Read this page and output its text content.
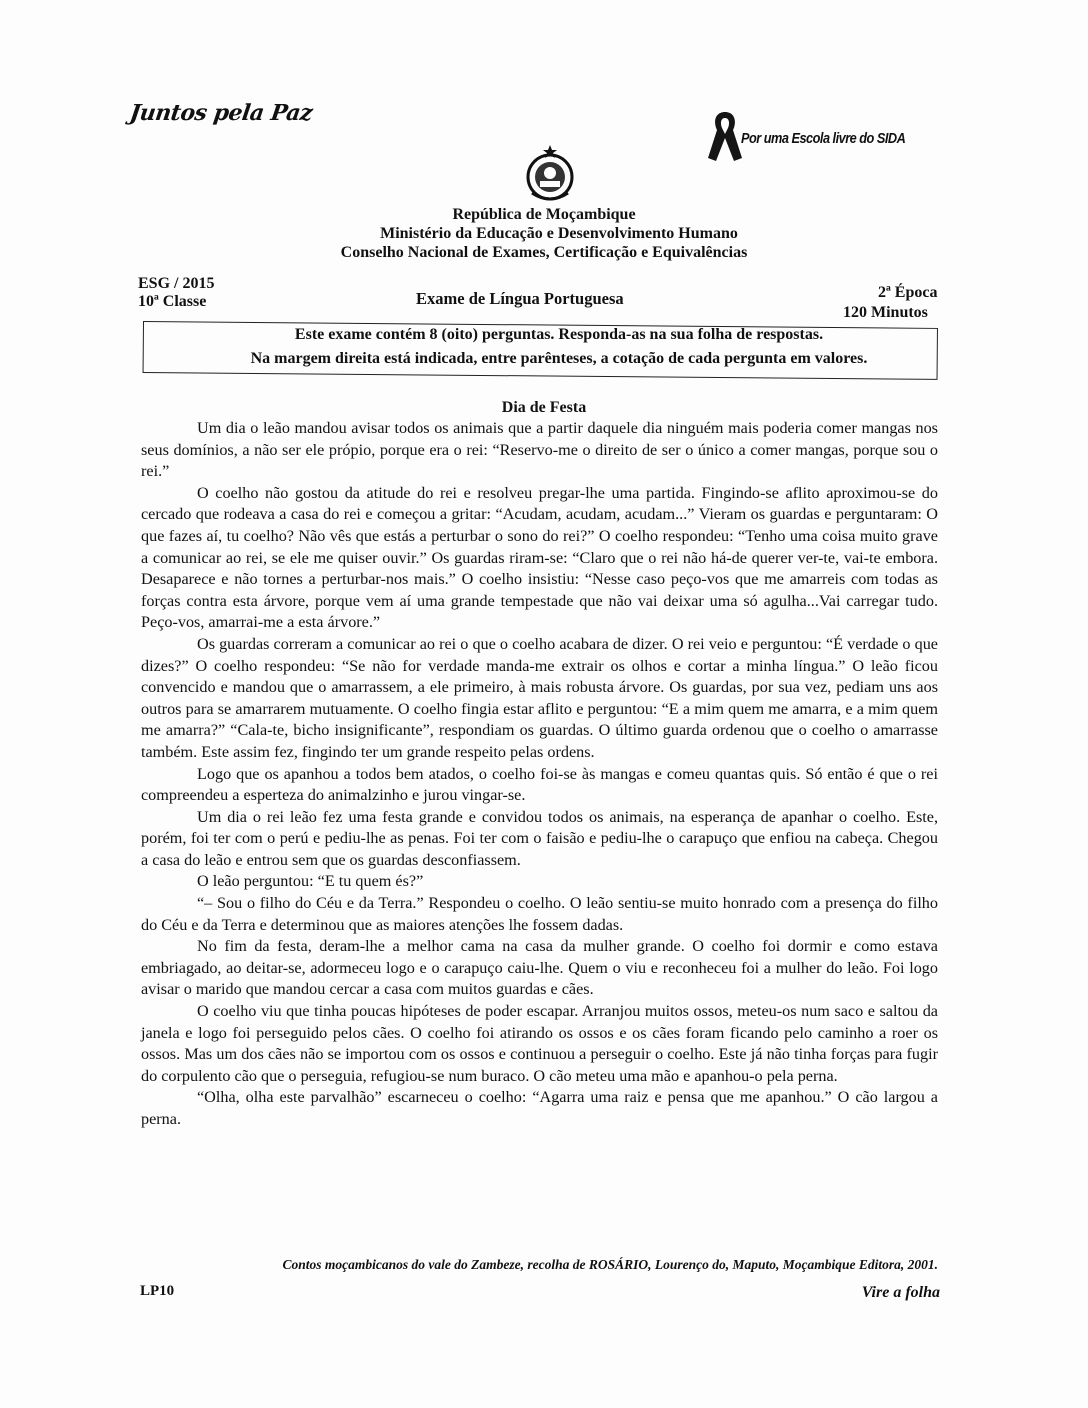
Juntos pela Paz
Por uma Escola livre do SIDA
República de Moçambique
Ministério da Educação e Desenvolvimento Humano
Conselho Nacional de Exames, Certificação e Equivalências
ESG / 2015
10ª Classe	Exame de Língua Portuguesa	2ª Época
120 Minutos
Este exame contém 8 (oito) perguntas. Responda-as na sua folha de respostas.
Na margem direita está indicada, entre parênteses, a cotação de cada pergunta em valores.
Dia de Festa

Um dia o leão mandou avisar todos os animais que a partir daquele dia ninguém mais poderia comer mangas nos seus domínios, a não ser ele própio, porque era o rei: “Reservo-me o direito de ser o único a comer mangas, porque sou o rei.”

O coelho não gostou da atitude do rei e resolveu pregar-lhe uma partida. Fingindo-se aflito aproximou-se do cercado que rodeava a casa do rei e começou a gritar: “Acudam, acudam, acudam...” Vieram os guardas e perguntaram: O que fazes aí, tu coelho? Não vês que estás a perturbar o sono do rei?” O coelho respondeu: “Tenho uma coisa muito grave a comunicar ao rei, se ele me quiser ouvir.” Os guardas riram-se: “Claro que o rei não há-de querer ver-te, vai-te embora. Desaparece e não tornes a perturbar-nos mais.” O coelho insistiu: “Nesse caso peço-vos que me amarreis com todas as forças contra esta árvore, porque vem aí uma grande tempestade que não vai deixar uma só agulha...Vai carregar tudo. Peço-vos, amarrai-me a esta árvore.”

Os guardas correram a comunicar ao rei o que o coelho acabara de dizer. O rei veio e perguntou: “É verdade o que dizes?” O coelho respondeu: “Se não for verdade manda-me extrair os olhos e cortar a minha língua.” O leão ficou convencido e mandou que o amarrassem, a ele primeiro, à mais robusta árvore. Os guardas, por sua vez, pediam uns aos outros para se amarrarem mutuamente. O coelho fingia estar aflito e perguntou: “E a mim quem me amarra, e a mim quem me amarra?” “Cala-te, bicho insignificante”, respondiam os guardas. O último guarda ordenou que o coelho o amarrasse também. Este assim fez, fingindo ter um grande respeito pelas ordens.

Logo que os apanhou a todos bem atados, o coelho foi-se às mangas e comeu quantas quis. Só então é que o rei compreendeu a esperteza do animalzinho e jurou vingar-se.

Um dia o rei leão fez uma festa grande e convidou todos os animais, na esperança de apanhar o coelho. Este, porém, foi ter com o perú e pediu-lhe as penas. Foi ter com o faisão e pediu-lhe o carapuço que enfiou na cabeça. Chegou a casa do leão e entrou sem que os guardas desconfiassem.

O leão perguntou: “E tu quem és?”

“– Sou o filho do Céu e da Terra.” Respondeu o coelho. O leão sentiu-se muito honrado com a presença do filho do Céu e da Terra e determinou que as maiores atenções lhe fossem dadas.

No fim da festa, deram-lhe a melhor cama na casa da mulher grande. O coelho foi dormir e como estava embriagado, ao deitar-se, adormeceu logo e o carapuço caiu-lhe. Quem o viu e reconheceu foi a mulher do leão. Foi logo avisar o marido que mandou cercar a casa com muitos guardas e cães.

O coelho viu que tinha poucas hipóteses de poder escapar. Arranjou muitos ossos, meteu-os num saco e saltou da janela e logo foi perseguido pelos cães. O coelho foi atirando os ossos e os cães foram ficando pelo caminho a roer os ossos. Mas um dos cães não se importou com os ossos e continuou a perseguir o coelho. Este já não tinha forças para fugir do corpulento cão que o perseguia, refugiou-se num buraco. O cão meteu uma mão e apanhou-o pela perna.

“Olha, olha este parvalhão” escarneceu o coelho: “Agarra uma raiz e pensa que me apanhou.” O cão largou a perna.

Contos moçambicanos do vale do Zambeze, recolha de ROSÁRIO, Lourenço do, Maputo, Moçambique Editora, 2001.
LP10	Vire a folha
